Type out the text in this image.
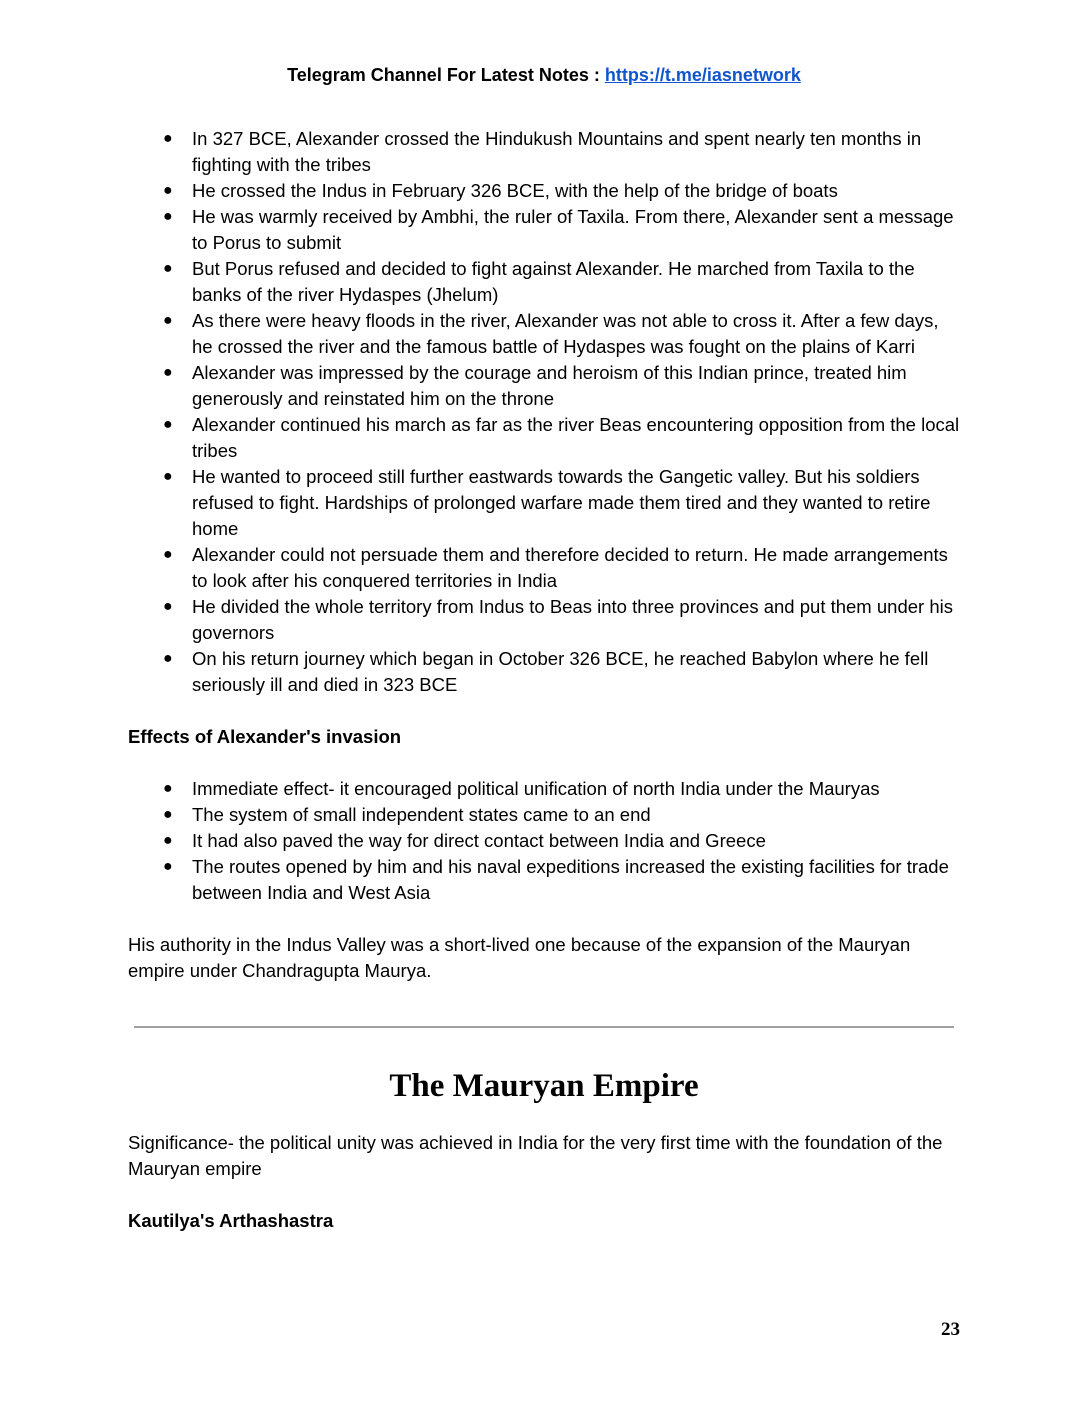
Telegram Channel For Latest Notes : https://t.me/iasnetwork
● In 327 BCE, Alexander crossed the Hindukush Mountains and spent nearly ten months in fighting with the tribes
● He crossed the Indus in February 326 BCE, with the help of the bridge of boats
● He was warmly received by Ambhi, the ruler of Taxila. From there, Alexander sent a message to Porus to submit
● But Porus refused and decided to fight against Alexander. He marched from Taxila to the banks of the river Hydaspes (Jhelum)
● As there were heavy floods in the river, Alexander was not able to cross it. After a few days, he crossed the river and the famous battle of Hydaspes was fought on the plains of Karri
● Alexander was impressed by the courage and heroism of this Indian prince, treated him generously and reinstated him on the throne
● Alexander continued his march as far as the river Beas encountering opposition from the local tribes
● He wanted to proceed still further eastwards towards the Gangetic valley. But his soldiers refused to fight. Hardships of prolonged warfare made them tired and they wanted to retire home
● Alexander could not persuade them and therefore decided to return. He made arrangements to look after his conquered territories in India
● He divided the whole territory from Indus to Beas into three provinces and put them under his governors
● On his return journey which began in October 326 BCE, he reached Babylon where he fell seriously ill and died in 323 BCE

Effects of Alexander's invasion

● Immediate effect- it encouraged political unification of north India under the Mauryas
● The system of small independent states came to an end
● It had also paved the way for direct contact between India and Greece
● The routes opened by him and his naval expeditions increased the existing facilities for trade between India and West Asia

His authority in the Indus Valley was a short-lived one because of the expansion of the Mauryan empire under Chandragupta Maurya.

The Mauryan Empire

Significance- the political unity was achieved in India for the very first time with the foundation of the Mauryan empire

Kautilya's Arthashastra

23
